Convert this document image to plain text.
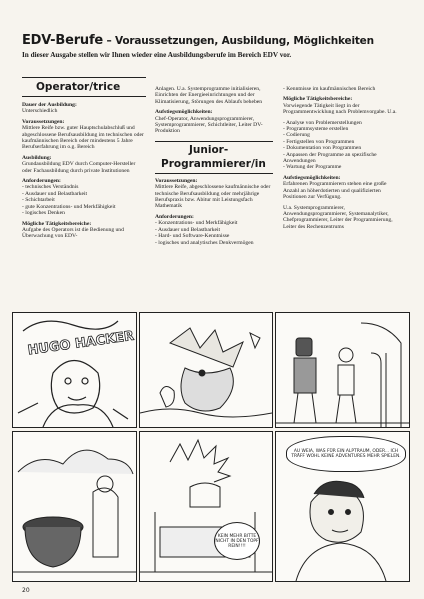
EDV-Berufe – Voraussetzungen, Ausbildung, Möglichkeiten
In dieser Ausgabe stellen wir Ihnen wieder eine Ausbildungsberufe im Bereich EDV vor.
Operator/trice

Dauer der Ausbildung:
Unterschiedlich

Voraussetzungen:
Mittlere Reife bzw. guter Hauptschulabschluß und abgeschlossene Berufsausbildung im technischen oder kaufmännischen Bereich oder mindestens 5 Jahre Berufserfahrung im o.g. Bereich

Ausbildung:
Grundausbildung EDV durch Computer-Hersteller oder Fachausbildung durch private Institutionen

Anforderungen:
- technisches Verständnis
- Ausdauer und Belastbarkeit
- Schichtarbeit
- gute Konzentrations- und Merkfähigkeit
- logisches Denken

Mögliche Tätigkeitsbereiche:
Aufgabe des Operators ist die Bedienung und Überwachung von EDV-

Anlagen. U.a. Systemprogramme initialisieren, Einrichten der Energieeinrichtungen und der Klimatisierung, Störungen des Ablaufs beheben

Aufstiegsmöglichkeiten:
Chef-Operator, Anwendungsprogrammierer, Systemprogrammierer, Schichtleiter, Leiter DV-Produktion

Junior-
Programmierer/in

Voraussetzungen:
Mittlere Reife, abgeschlossene kaufmännische oder technische Berufsausbildung oder mehrjährige Berufspraxis bzw. Abitur mit Leistungsfach Mathematik

Anforderungen:
- Konzentrations- und Merkfähigkeit
- Ausdauer und Belastbarkeit
- Hard- und Software-Kenntnisse
- logisches und analytisches Denkvermögen

- Kenntnisse im kaufmännischen Bereich

Mögliche Tätigkeitsbereiche:
Vorwiegende Tätigkeit liegt in der Programmentwicklung nach Problemvorgabe. U.a.

- Analyse von Problemerstellungen
- Programmsysteme erstellen
- Codierung
- Fertigstellen von Programmen
- Dokumentation von Programmen
- Anpassen der Programme an spezifische Anwendungen
- Wartung der Programme

Aufstiegsmöglichkeiten:
Erfahrenen Programmierern stehen eine große Anzahl an höherdotierten und qualifizierten Positionen zur Verfügung.

U.a. Systemprogrammierer, Anwendungsprogrammierer, Systemanalytiker, Chefprogrammierer, Leiter der Programmierung, Leiter des Rechenzentrums

HUGO HACKER
KEIN MEHR BITTE NICHT IN DEN TOPF REIN!!!!
AU WEIA, WAS FÜR EIN ALPTRAUM, ODER... ICH TRÄFF WOHL KEINE ADVENTURES MEHR SPIELEN.
20
